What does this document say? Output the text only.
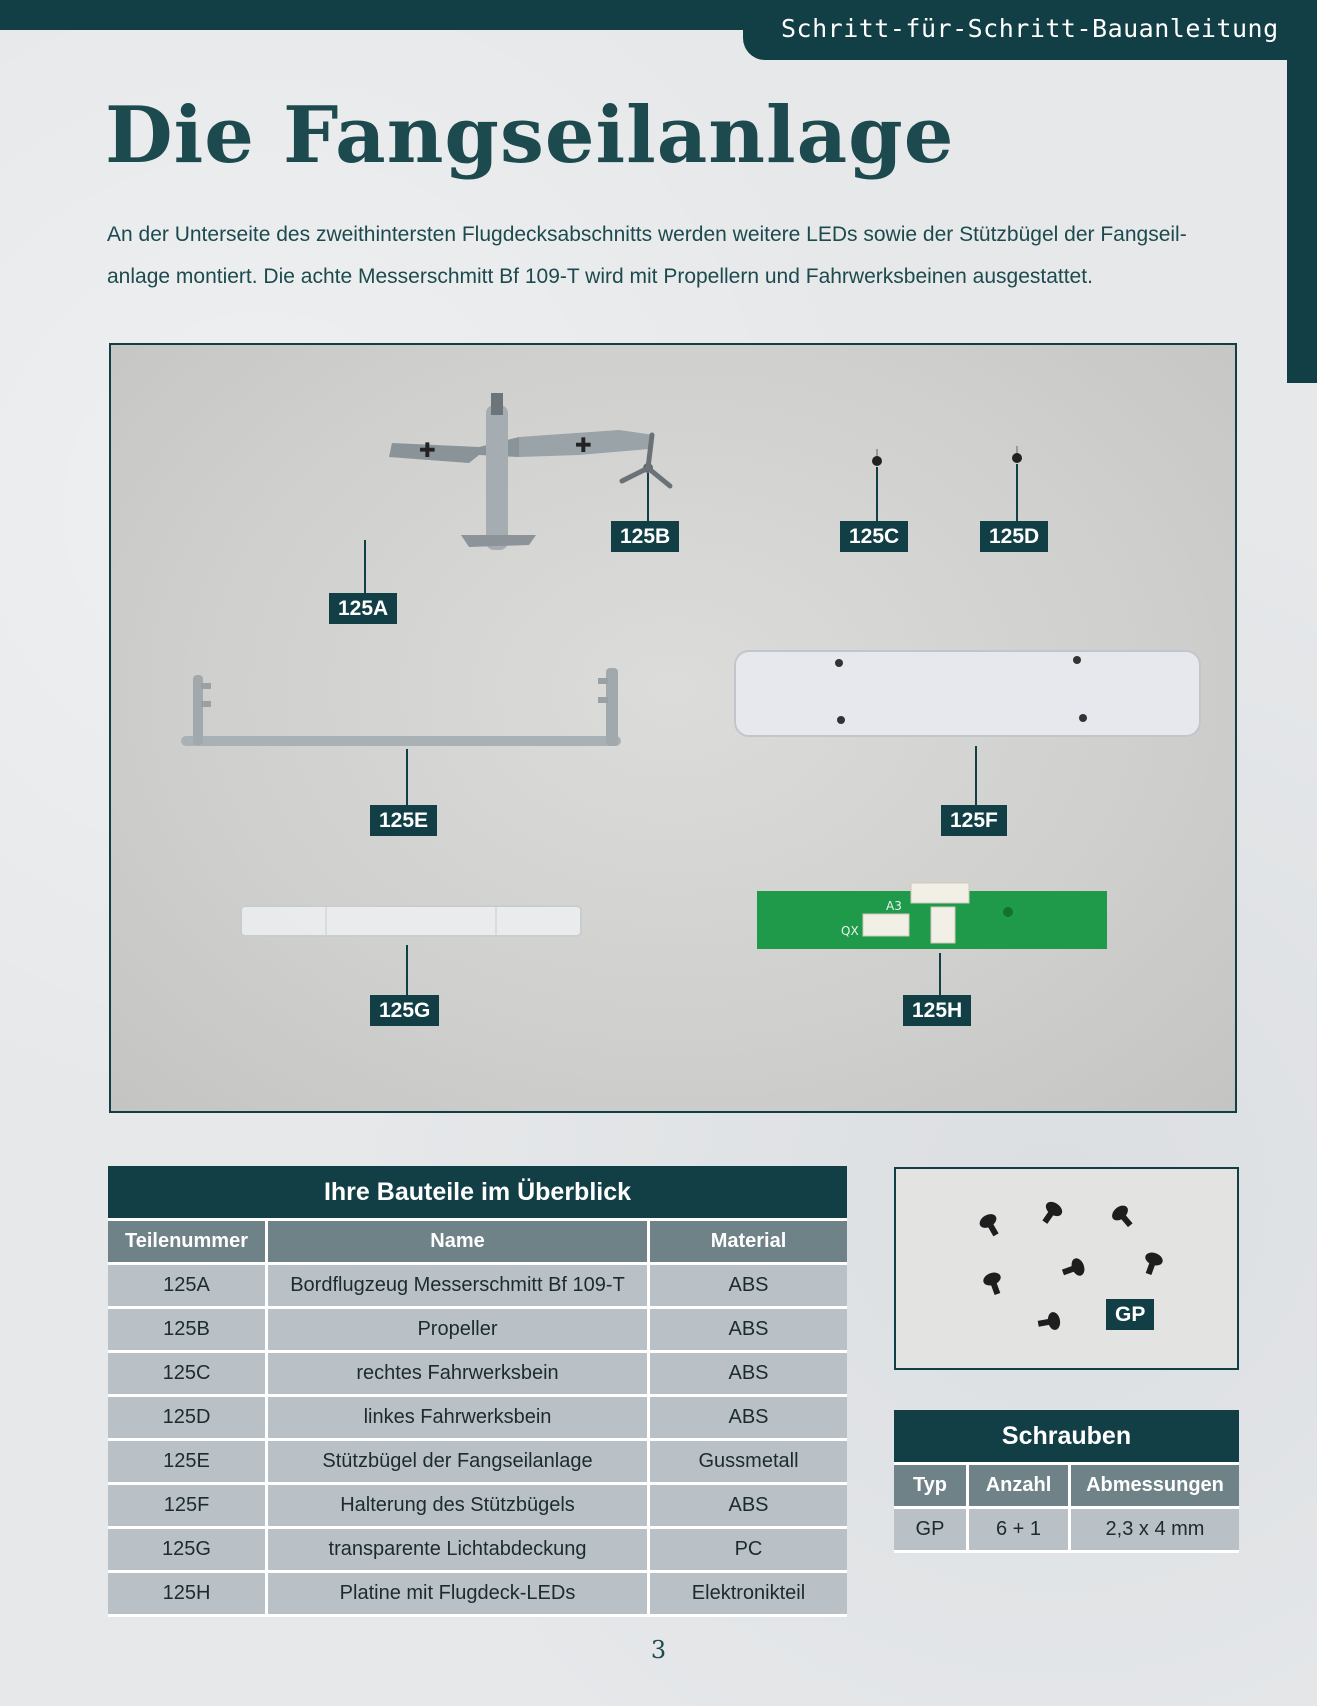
Schritt-für-Schritt-Bauanleitung
Die Fangseilanlage

An der Unterseite des zweithintersten Flugdecksabschnitts werden weitere LEDs sowie der Stützbügel der Fangseil-anlage montiert. Die achte Messerschmitt Bf 109-T wird mit Propellern und Fahrwerksbeinen ausgestattet.

✚	✚
A3
QX
125A
125B	125C	125D
125E	125F
125G	125H
Ihre Bauteile im Überblick		
Teilenummer	Name	Material
125A	Bordflugzeug Messerschmitt Bf 109-T	ABS
125B	Propeller	ABS
125C	rechtes Fahrwerksbein	ABS
125D	linkes Fahrwerksbein	ABS
125E	Stützbügel der Fangseilanlage	Gussmetall
125F	Halterung des Stützbügels	ABS
125G	transparente Lichtabdeckung	PC
125H	Platine mit Flugdeck-LEDs	Elektronikteil
GP
Schrauben		
Typ	Anzahl	Abmessungen
GP	6 + 1	2,3 x 4 mm
3
